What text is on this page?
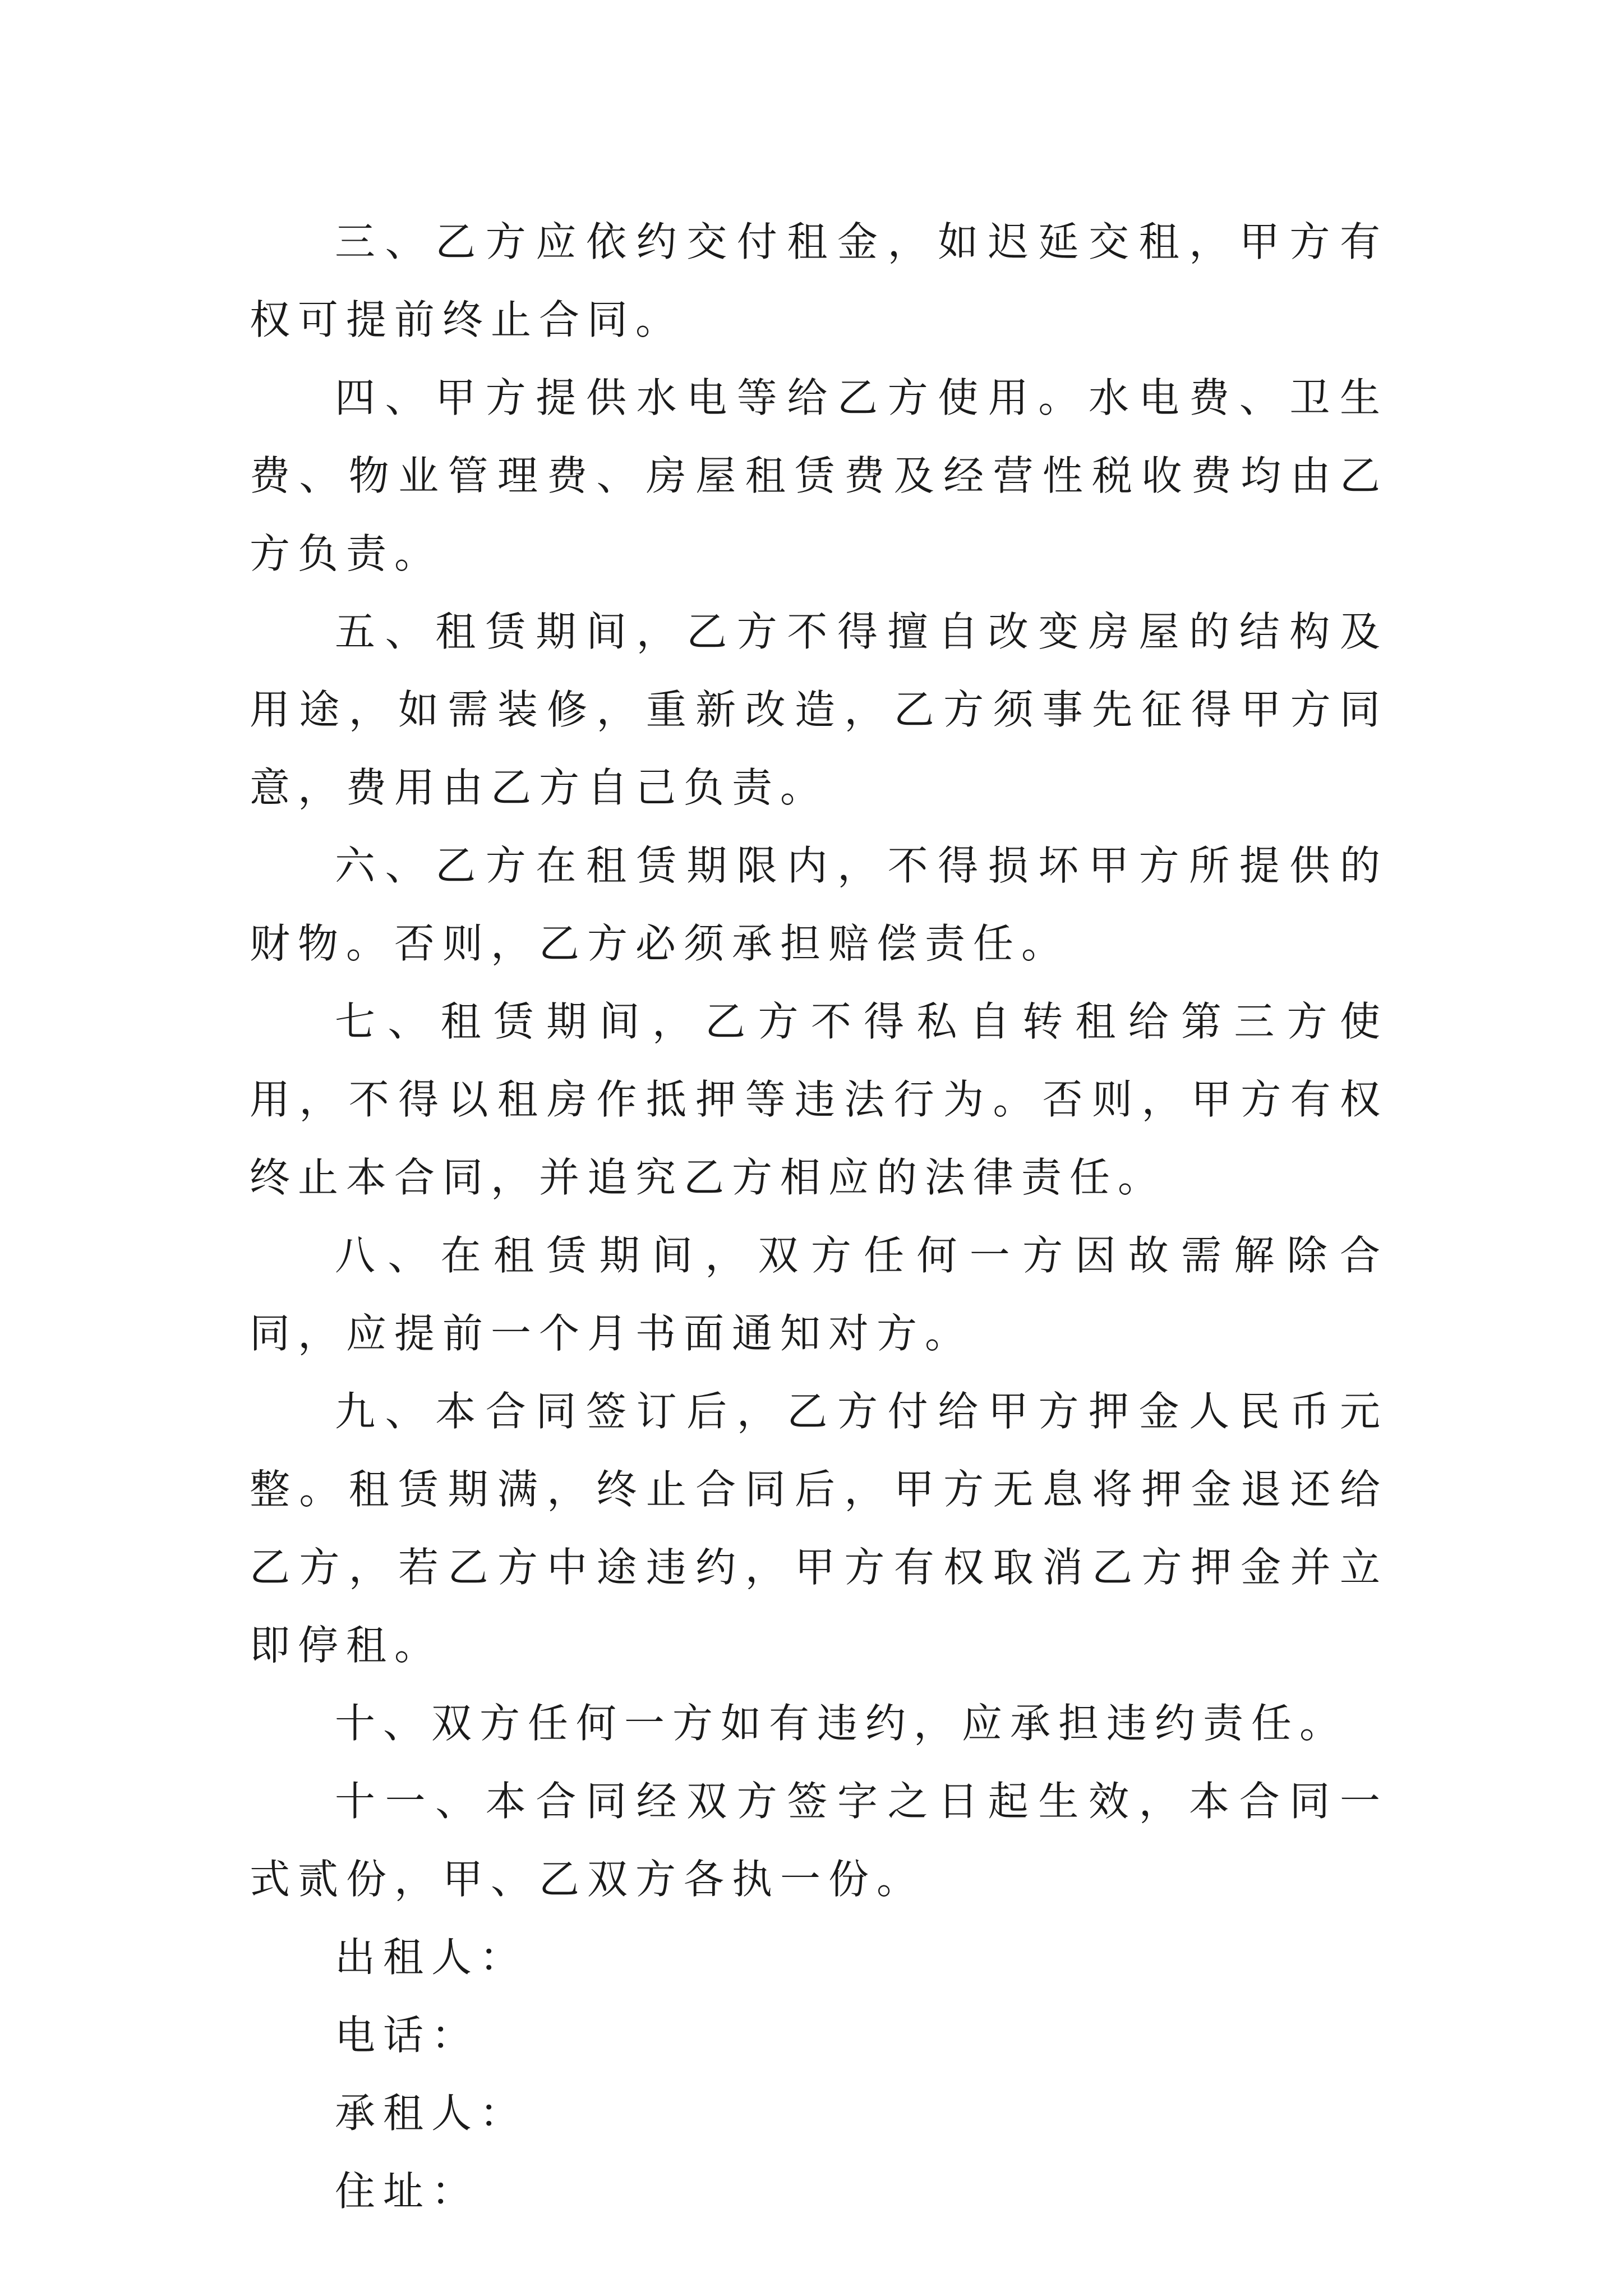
三、乙方应依约交付租金，如迟延交租，甲方有权可提前终止合同。

四、甲方提供水电等给乙方使用。水电费、卫生费、物业管理费、房屋租赁费及经营性税收费均由乙方负责。

五、租赁期间，乙方不得擅自改变房屋的结构及用途，如需装修，重新改造，乙方须事先征得甲方同意，费用由乙方自己负责。

六、乙方在租赁期限内，不得损坏甲方所提供的财物。否则，乙方必须承担赔偿责任。

七、租赁期间，乙方不得私自转租给第三方使用，不得以租房作抵押等违法行为。否则，甲方有权终止本合同，并追究乙方相应的法律责任。

八、在租赁期间，双方任何一方因故需解除合同，应提前一个月书面通知对方。

九、本合同签订后，乙方付给甲方押金人民币元整。租赁期满，终止合同后，甲方无息将押金退还给乙方，若乙方中途违约，甲方有权取消乙方押金并立即停租。

十、双方任何一方如有违约，应承担违约责任。

十一、本合同经双方签字之日起生效，本合同一式贰份，甲、乙双方各执一份。

出租人：

电话：

承租人：

住址：
